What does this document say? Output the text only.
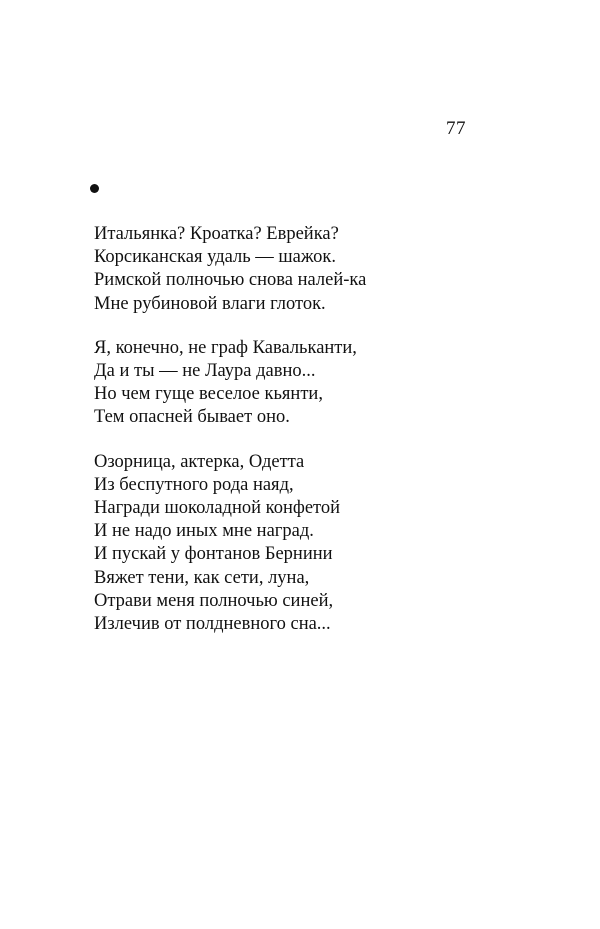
77
Итальянка? Кроатка? Еврейка?
Корсиканская удаль — шажок.
Римской полночью снова налей-ка
Мне рубиновой влаги глоток.
Я, конечно, не граф Кавальканти,
Да и ты — не Лаура давно...
Но чем гуще веселое кьянти,
Тем опасней бывает оно.
Озорница, актерка, Одетта
Из беспутного рода наяд,
Награди шоколадной конфетой
И не надо иных мне наград.
И пускай у фонтанов Бернини
Вяжет тени, как сети, луна,
Отрави меня полночью синей,
Излечив от полдневного сна...
